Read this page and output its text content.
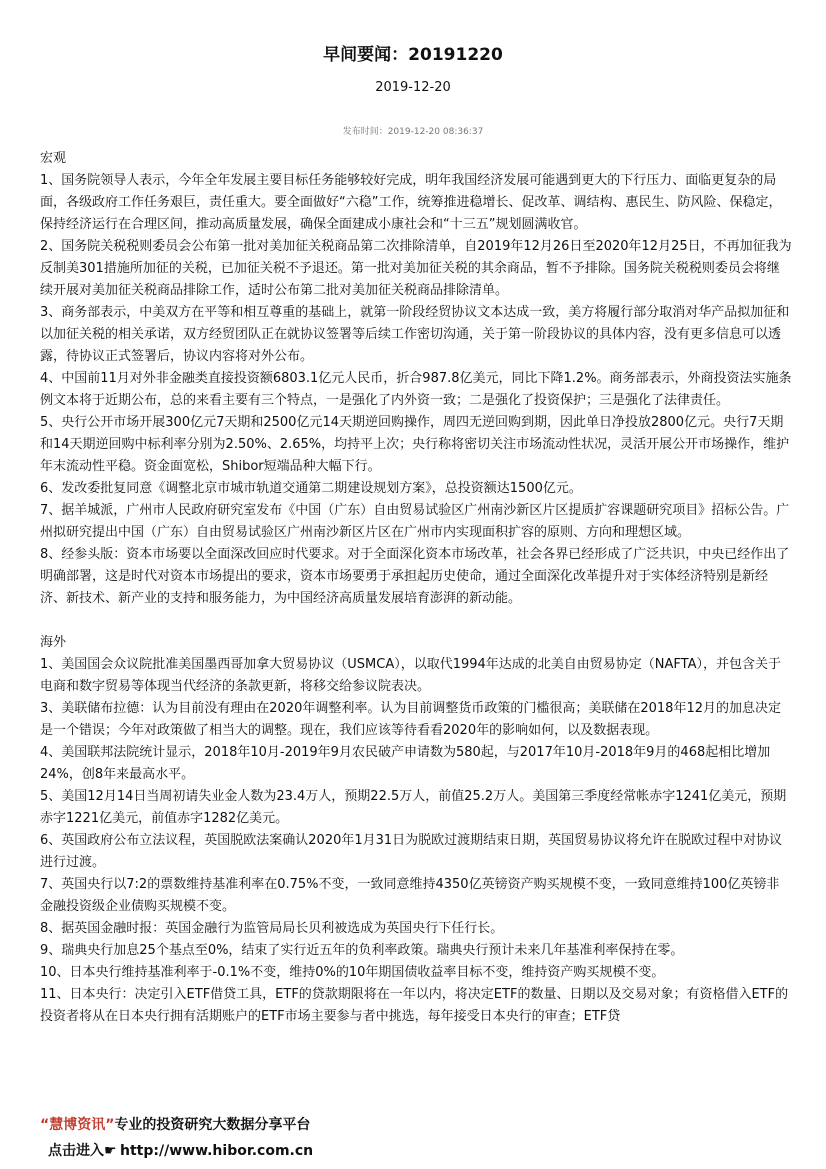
早间要闻：20191220
2019-12-20
发布时间：2019-12-20 08:36:37

宏观

1、国务院领导人表示，今年全年发展主要目标任务能够较好完成，明年我国经济发展可能遇到更大的下行压力、面临更复杂的局面，各级政府工作任务艰巨，责任重大。要全面做好“六稳”工作，统筹推进稳增长、促改革、调结构、惠民生、防风险、保稳定，保持经济运行在合理区间，推动高质量发展，确保全面建成小康社会和“十三五”规划圆满收官。

2、国务院关税税则委员会公布第一批对美加征关税商品第二次排除清单，自2019年12月26日至2020年12月25日，不再加征我为反制美301措施所加征的关税，已加征关税不予退还。第一批对美加征关税的其余商品，暂不予排除。国务院关税税则委员会将继续开展对美加征关税商品排除工作，适时公布第二批对美加征关税商品排除清单。

3、商务部表示，中美双方在平等和相互尊重的基础上，就第一阶段经贸协议文本达成一致，美方将履行部分取消对华产品拟加征和以加征关税的相关承诺，双方经贸团队正在就协议签署等后续工作密切沟通，关于第一阶段协议的具体内容，没有更多信息可以透露，待协议正式签署后，协议内容将对外公布。

4、中国前11月对外非金融类直接投资额6803.1亿元人民币，折合987.8亿美元，同比下降1.2%。商务部表示，外商投资法实施条例文本将于近期公布，总的来看主要有三个特点，一是强化了内外资一致；二是强化了投资保护；三是强化了法律责任。

5、央行公开市场开展300亿元7天期和2500亿元14天期逆回购操作，周四无逆回购到期，因此单日净投放2800亿元。央行7天期和14天期逆回购中标利率分别为2.50%、2.65%，均持平上次；央行称将密切关注市场流动性状况，灵活开展公开市场操作，维护年末流动性平稳。资金面宽松，Shibor短端品种大幅下行。

6、发改委批复同意《调整北京市城市轨道交通第二期建设规划方案》，总投资额达1500亿元。

7、据羊城派，广州市人民政府研究室发布《中国（广东）自由贸易试验区广州南沙新区片区提质扩容课题研究项目》招标公告。广州拟研究提出中国（广东）自由贸易试验区广州南沙新区片区在广州市内实现面积扩容的原则、方向和理想区域。

8、经参头版：资本市场要以全面深改回应时代要求。对于全面深化资本市场改革，社会各界已经形成了广泛共识，中央已经作出了明确部署，这是时代对资本市场提出的要求，资本市场要勇于承担起历史使命，通过全面深化改革提升对于实体经济特别是新经济、新技术、新产业的支持和服务能力，为中国经济高质量发展培育澎湃的新动能。

海外

1、美国国会众议院批准美国墨西哥加拿大贸易协议（USMCA），以取代1994年达成的北美自由贸易协定（NAFTA），并包含关于电商和数字贸易等体现当代经济的条款更新，将移交给参议院表决。

3、美联储布拉德：认为目前没有理由在2020年调整利率。认为目前调整货币政策的门槛很高；美联储在2018年12月的加息决定是一个错误；今年对政策做了相当大的调整。现在，我们应该等待看看2020年的影响如何，以及数据表现。

4、美国联邦法院统计显示，2018年10月-2019年9月农民破产申请数为580起，与2017年10月-2018年9月的468起相比增加24%，创8年来最高水平。

5、美国12月14日当周初请失业金人数为23.4万人，预期22.5万人，前值25.2万人。美国第三季度经常帐赤字1241亿美元，预期赤字1221亿美元，前值赤字1282亿美元。

6、英国政府公布立法议程，英国脱欧法案确认2020年1月31日为脱欧过渡期结束日期，英国贸易协议将允许在脱欧过程中对协议进行过渡。

7、英国央行以7:2的票数维持基准利率在0.75%不变，一致同意维持4350亿英镑资产购买规模不变，一致同意维持100亿英镑非金融投资级企业债购买规模不变。

8、据英国金融时报：英国金融行为监管局局长贝利被选成为英国央行下任行长。

9、瑞典央行加息25个基点至0%，结束了实行近五年的负利率政策。瑞典央行预计未来几年基准利率保持在零。

10、日本央行维持基准利率于-0.1%不变，维持0%的10年期国债收益率目标不变，维持资产购买规模不变。

11、日本央行：决定引入ETF借贷工具，ETF的贷款期限将在一年以内，将决定ETF的数量、日期以及交易对象；有资格借入ETF的投资者将从在日本央行拥有活期账户的ETF市场主要参与者中挑选，每年接受日本央行的审查；ETF贷

“慧博资讯”专业的投资研究大数据分享平台
点击进入☛ http://www.hibor.com.cn
